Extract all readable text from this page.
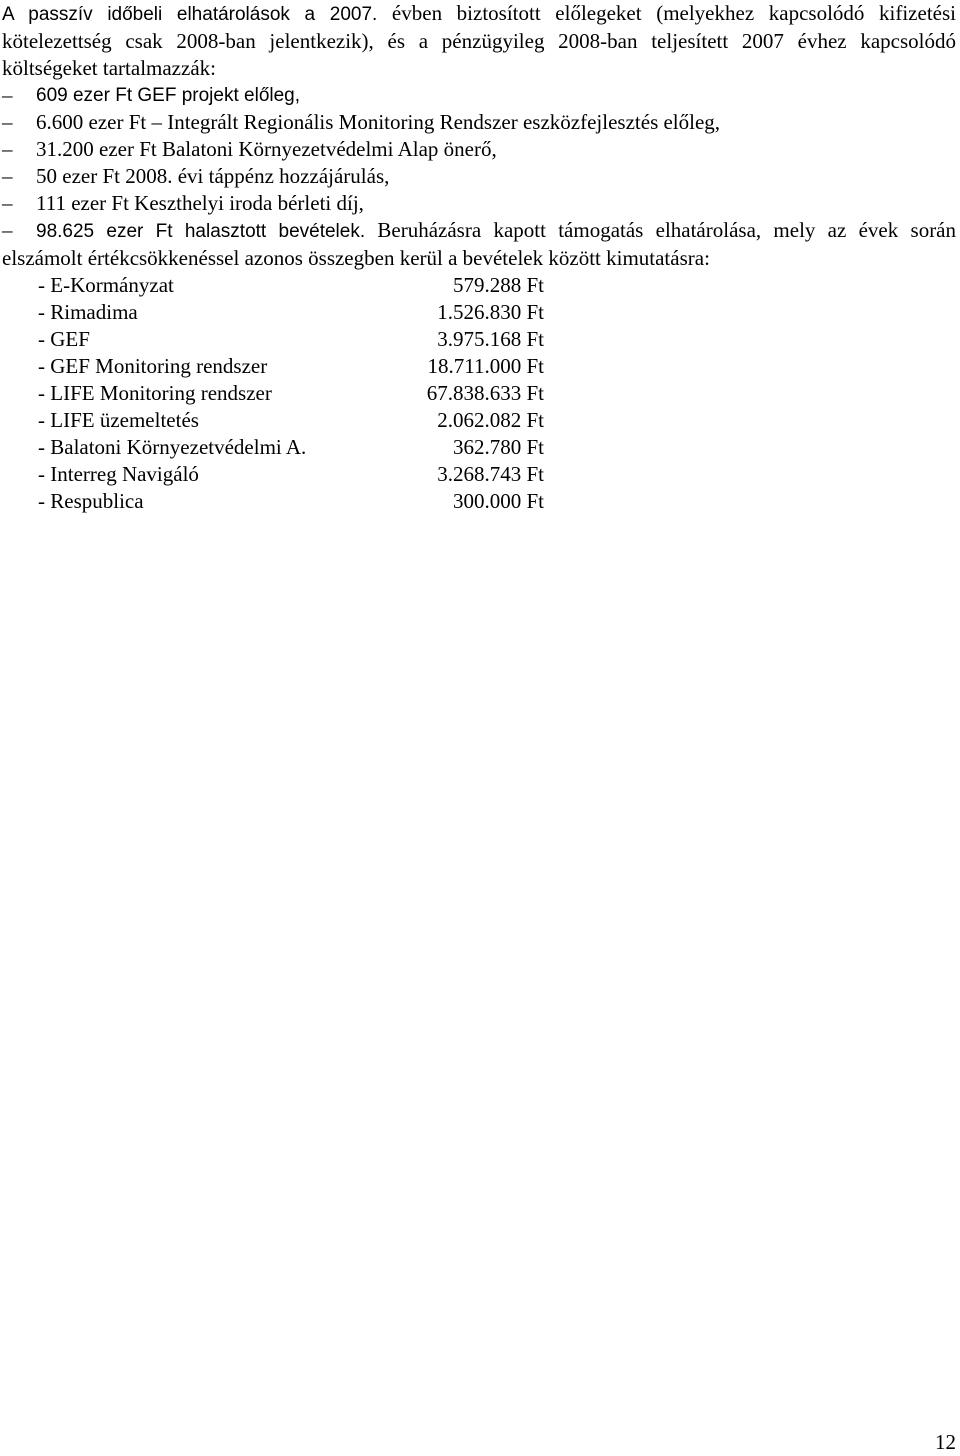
A passzív időbeli elhatárolások a 2007. évben biztosított előlegeket (melyekhez kapcsolódó kifizetési kötelezettség csak 2008-ban jelentkezik), és a pénzügyileg 2008-ban teljesített 2007 évhez kapcsolódó költségeket tartalmazzák:

– 609 ezer Ft GEF projekt előleg,
– 6.600 ezer Ft – Integrált Regionális Monitoring Rendszer eszközfejlesztés előleg,
– 31.200 ezer Ft Balatoni Környezetvédelmi Alap önerő,
– 50 ezer Ft 2008. évi táppénz hozzájárulás,
– 111 ezer Ft Keszthelyi iroda bérleti díj,
–	98.625 ezer Ft halasztott bevételek. Beruházásra kapott támogatás elhatárolása, mely az évek során elszámolt értékcsökkenéssel azonos összegben kerül a bevételek között kimutatásra:
- E-Kormányzat	579.288 Ft
- Rimadima	1.526.830 Ft
- GEF	3.975.168 Ft
- GEF Monitoring rendszer	18.711.000 Ft
- LIFE Monitoring rendszer	67.838.633 Ft
- LIFE üzemeltetés	2.062.082 Ft
- Balatoni Környezetvédelmi A.	362.780 Ft
- Interreg Navigáló	3.268.743 Ft
- Respublica	300.000 Ft
12
